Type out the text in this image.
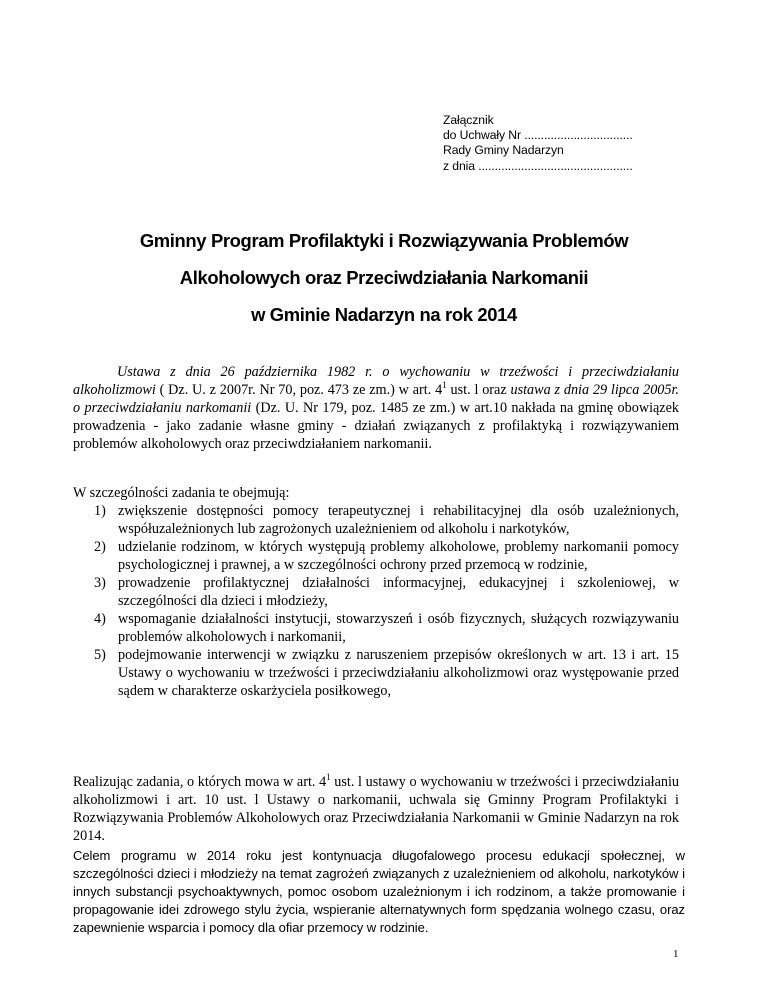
Załącznik
do Uchwały Nr .................................
Rady Gminy Nadarzyn
z dnia ...............................................
Gminny Program Profilaktyki i Rozwiązywania Problemów
Alkoholowych oraz Przeciwdziałania Narkomanii
w Gminie Nadarzyn na rok 2014
Ustawa z dnia 26 października 1982 r. o wychowaniu w trzeźwości i przeciwdziałaniu alkoholizmowi ( Dz. U. z 2007r. Nr 70, poz. 473 ze zm.) w art. $4^1$ ust. l oraz ustawa z dnia 29 lipca 2005r. o przeciwdziałaniu narkomanii (Dz. U. Nr 179, poz. 1485 ze zm.) w art.10 nakłada na gminę obowiązek prowadzenia - jako zadanie własne gminy - działań związanych z profilaktyką i rozwiązywaniem problemów alkoholowych oraz przeciwdziałaniem narkomanii.
W szczególności zadania te obejmują:
1) zwiększenie dostępności pomocy terapeutycznej i rehabilitacyjnej dla osób uzależnionych, współuzależnionych lub zagrożonych uzależnieniem od alkoholu i narkotyków,
2) udzielanie rodzinom, w których występują problemy alkoholowe, problemy narkomanii pomocy psychologicznej i prawnej, a w szczególności ochrony przed przemocą w rodzinie,
3) prowadzenie profilaktycznej działalności informacyjnej, edukacyjnej i szkoleniowej, w szczególności dla dzieci i młodzieży,
4) wspomaganie działalności instytucji, stowarzyszeń i osób fizycznych, służących rozwiązywaniu problemów alkoholowych i narkomanii,
5) podejmowanie interwencji w związku z naruszeniem przepisów określonych w art. 13 i art. 15 Ustawy o wychowaniu w trzeźwości i przeciwdziałaniu alkoholizmowi oraz występowanie przed sądem w charakterze oskarżyciela posiłkowego,
Realizując zadania, o których mowa w art. $4^1$ ust. l ustawy o wychowaniu w trzeźwości i przeciwdziałaniu alkoholizmowi i art. 10 ust. l Ustawy o narkomanii, uchwala się Gminny Program Profilaktyki i Rozwiązywania Problemów Alkoholowych oraz Przeciwdziałania Narkomanii w Gminie Nadarzyn na rok 2014.
Celem programu w 2014 roku jest kontynuacja długofalowego procesu edukacji społecznej, w szczególności dzieci i młodzieży na temat zagrożeń związanych z uzależnieniem od alkoholu, narkotyków i innych substancji psychoaktywnych, pomoc osobom uzależnionym i ich rodzinom, a także promowanie i propagowanie idei zdrowego stylu życia, wspieranie alternatywnych form spędzania wolnego czasu, oraz zapewnienie wsparcia i pomocy dla ofiar przemocy w rodzinie.
1
